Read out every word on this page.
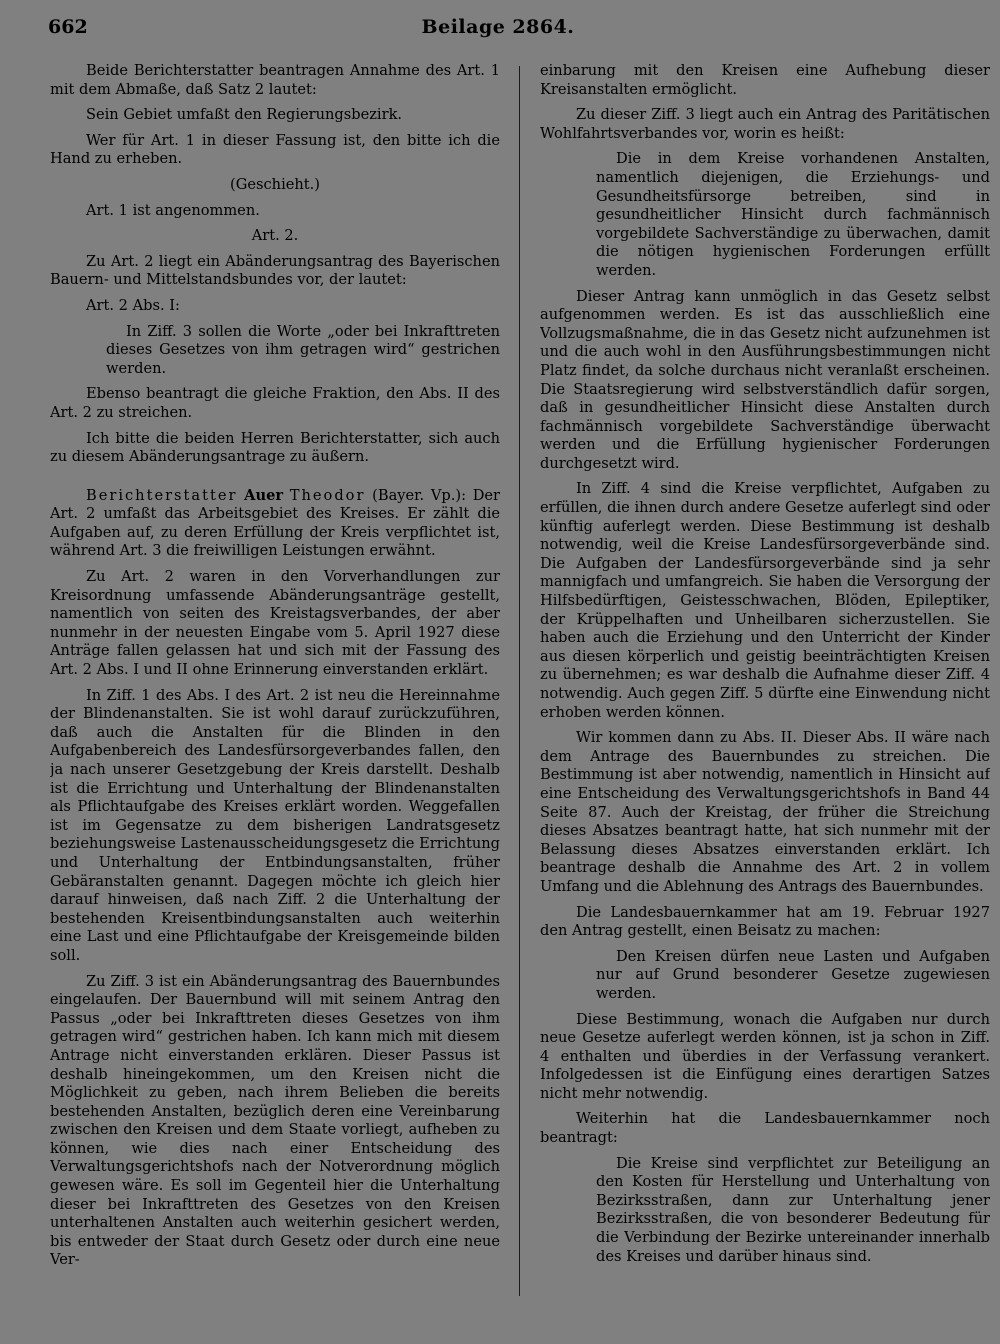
662	Beilage 2864.

Beide Berichterstatter beantragen Annahme des Art. 1 mit dem Abmaße, daß Satz 2 lautet:

Sein Gebiet umfaßt den Regierungsbezirk.

Wer für Art. 1 in dieser Fassung ist, den bitte ich die Hand zu erheben.

(Geschieht.)

Art. 1 ist angenommen.

Art. 2.

Zu Art. 2 liegt ein Abänderungsantrag des Bayerischen Bauern- und Mittelstandsbundes vor, der lautet:

Art. 2 Abs. I:

In Ziff. 3 sollen die Worte „oder bei Inkrafttreten dieses Gesetzes von ihm getragen wird“ gestrichen werden.

Ebenso beantragt die gleiche Fraktion, den Abs. II des Art. 2 zu streichen.

Ich bitte die beiden Herren Berichterstatter, sich auch zu diesem Abänderungsantrage zu äußern.

Berichterstatter Auer Theodor (Bayer. Vp.): Der Art. 2 umfaßt das Arbeitsgebiet des Kreises. Er zählt die Aufgaben auf, zu deren Erfüllung der Kreis verpflichtet ist, während Art. 3 die freiwilligen Leistungen erwähnt.

Zu Art. 2 waren in den Vorverhandlungen zur Kreisordnung umfassende Abänderungsanträge gestellt, namentlich von seiten des Kreistagsverbandes, der aber nunmehr in der neuesten Eingabe vom 5. April 1927 diese Anträge fallen gelassen hat und sich mit der Fassung des Art. 2 Abs. I und II ohne Erinnerung einverstanden erklärt.

In Ziff. 1 des Abs. I des Art. 2 ist neu die Hereinnahme der Blindenanstalten. Sie ist wohl darauf zurückzuführen, daß auch die Anstalten für die Blinden in den Aufgabenbereich des Landesfürsorgeverbandes fallen, den ja nach unserer Gesetzgebung der Kreis darstellt. Deshalb ist die Errichtung und Unterhaltung der Blindenanstalten als Pflichtaufgabe des Kreises erklärt worden. Weggefallen ist im Gegensatze zu dem bisherigen Landratsgesetz beziehungsweise Lastenausscheidungsgesetz die Errichtung und Unterhaltung der Entbindungsanstalten, früher Gebäranstalten genannt. Dagegen möchte ich gleich hier darauf hinweisen, daß nach Ziff. 2 die Unterhaltung der bestehenden Kreisentbindungsanstalten auch weiterhin eine Last und eine Pflichtaufgabe der Kreisgemeinde bilden soll.

Zu Ziff. 3 ist ein Abänderungsantrag des Bauernbundes eingelaufen. Der Bauernbund will mit seinem Antrag den Passus „oder bei Inkrafttreten dieses Gesetzes von ihm getragen wird“ gestrichen haben. Ich kann mich mit diesem Antrage nicht einverstanden erklären. Dieser Passus ist deshalb hineingekommen, um den Kreisen nicht die Möglichkeit zu geben, nach ihrem Belieben die bereits bestehenden Anstalten, bezüglich deren eine Vereinbarung zwischen den Kreisen und dem Staate vorliegt, aufheben zu können, wie dies nach einer Entscheidung des Verwaltungsgerichtshofs nach der Notverordnung möglich gewesen wäre. Es soll im Gegenteil hier die Unterhaltung dieser bei Inkrafttreten des Gesetzes von den Kreisen unterhaltenen Anstalten auch weiterhin gesichert werden, bis entweder der Staat durch Gesetz oder durch eine neue Ver-

einbarung mit den Kreisen eine Aufhebung dieser Kreisanstalten ermöglicht.

Zu dieser Ziff. 3 liegt auch ein Antrag des Paritätischen Wohlfahrtsverbandes vor, worin es heißt:

Die in dem Kreise vorhandenen Anstalten, namentlich diejenigen, die Erziehungs- und Gesundheitsfürsorge betreiben, sind in gesundheitlicher Hinsicht durch fachmännisch vorgebildete Sachverständige zu überwachen, damit die nötigen hygienischen Forderungen erfüllt werden.

Dieser Antrag kann unmöglich in das Gesetz selbst aufgenommen werden. Es ist das ausschließlich eine Vollzugsmaßnahme, die in das Gesetz nicht aufzunehmen ist und die auch wohl in den Ausführungsbestimmungen nicht Platz findet, da solche durchaus nicht veranlaßt erscheinen. Die Staatsregierung wird selbstverständlich dafür sorgen, daß in gesundheitlicher Hinsicht diese Anstalten durch fachmännisch vorgebildete Sachverständige überwacht werden und die Erfüllung hygienischer Forderungen durchgesetzt wird.

In Ziff. 4 sind die Kreise verpflichtet, Aufgaben zu erfüllen, die ihnen durch andere Gesetze auferlegt sind oder künftig auferlegt werden. Diese Bestimmung ist deshalb notwendig, weil die Kreise Landesfürsorgeverbände sind. Die Aufgaben der Landesfürsorgeverbände sind ja sehr mannigfach und umfangreich. Sie haben die Versorgung der Hilfsbedürftigen, Geistesschwachen, Blöden, Epileptiker, der Krüppelhaften und Unheilbaren sicherzustellen. Sie haben auch die Erziehung und den Unterricht der Kinder aus diesen körperlich und geistig beeinträchtigten Kreisen zu übernehmen; es war deshalb die Aufnahme dieser Ziff. 4 notwendig. Auch gegen Ziff. 5 dürfte eine Einwendung nicht erhoben werden können.

Wir kommen dann zu Abs. II. Dieser Abs. II wäre nach dem Antrage des Bauernbundes zu streichen. Die Bestimmung ist aber notwendig, namentlich in Hinsicht auf eine Entscheidung des Verwaltungsgerichtshofs in Band 44 Seite 87. Auch der Kreistag, der früher die Streichung dieses Absatzes beantragt hatte, hat sich nunmehr mit der Belassung dieses Absatzes einverstanden erklärt. Ich beantrage deshalb die Annahme des Art. 2 in vollem Umfang und die Ablehnung des Antrags des Bauernbundes.

Die Landesbauernkammer hat am 19. Februar 1927 den Antrag gestellt, einen Beisatz zu machen:

Den Kreisen dürfen neue Lasten und Aufgaben nur auf Grund besonderer Gesetze zugewiesen werden.

Diese Bestimmung, wonach die Aufgaben nur durch neue Gesetze auferlegt werden können, ist ja schon in Ziff. 4 enthalten und überdies in der Verfassung verankert. Infolgedessen ist die Einfügung eines derartigen Satzes nicht mehr notwendig.

Weiterhin hat die Landesbauernkammer noch beantragt:

Die Kreise sind verpflichtet zur Beteiligung an den Kosten für Herstellung und Unterhaltung von Bezirksstraßen, dann zur Unterhaltung jener Bezirksstraßen, die von besonderer Bedeutung für die Verbindung der Bezirke untereinander innerhalb des Kreises und darüber hinaus sind.
